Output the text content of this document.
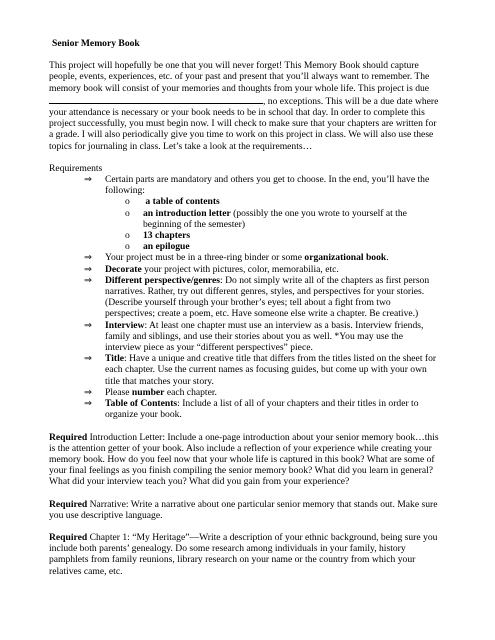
Senior Memory Book

This project will hopefully be one that you will never forget! This Memory Book should capture people, events, experiences, etc. of your past and present that you’ll always want to remember. The memory book will consist of your memories and thoughts from your whole life. This project is due , no exceptions. This will be a due date where your attendance is necessary or your book needs to be in school that day. In order to complete this project successfully, you must begin now. I will check to make sure that your chapters are written for a grade. I will also periodically give you time to work on this project in class. We will also use these topics for journaling in class. Let’s take a look at the requirements…

Requirements
⇒ Certain parts are mandatory and others you get to choose. In the end, you’ll have the following:
o a table of contents
o an introduction letter (possibly the one you wrote to yourself at the beginning of the semester)
o 13 chapters
o an epilogue
⇒ Your project must be in a three-ring binder or some organizational book.
⇒ Decorate your project with pictures, color, memorabilia, etc.
⇒ Different perspective/genres: Do not simply write all of the chapters as first person narratives. Rather, try out different genres, styles, and perspectives for your stories. (Describe yourself through your brother’s eyes; tell about a fight from two perspectives; create a poem, etc. Have someone else write a chapter. Be creative.)
⇒ Interview: At least one chapter must use an interview as a basis. Interview friends, family and siblings, and use their stories about you as well. *You may use the interview piece as your “different perspectives” piece.
⇒ Title: Have a unique and creative title that differs from the titles listed on the sheet for each chapter. Use the current names as focusing guides, but come up with your own title that matches your story.
⇒ Please number each chapter.
⇒ Table of Contents: Include a list of all of your chapters and their titles in order to organize your book.

Required Introduction Letter: Include a one-page introduction about your senior memory book…this is the attention getter of your book. Also include a reflection of your experience while creating your memory book. How do you feel now that your whole life is captured in this book? What are some of your final feelings as you finish compiling the senior memory book? What did you learn in general? What did your interview teach you? What did you gain from your experience?

Required Narrative: Write a narrative about one particular senior memory that stands out. Make sure you use descriptive language.

Required Chapter 1: “My Heritage”—Write a description of your ethnic background, being sure you include both parents’ genealogy. Do some research among individuals in your family, history pamphlets from family reunions, library research on your name or the country from which your relatives came, etc.
